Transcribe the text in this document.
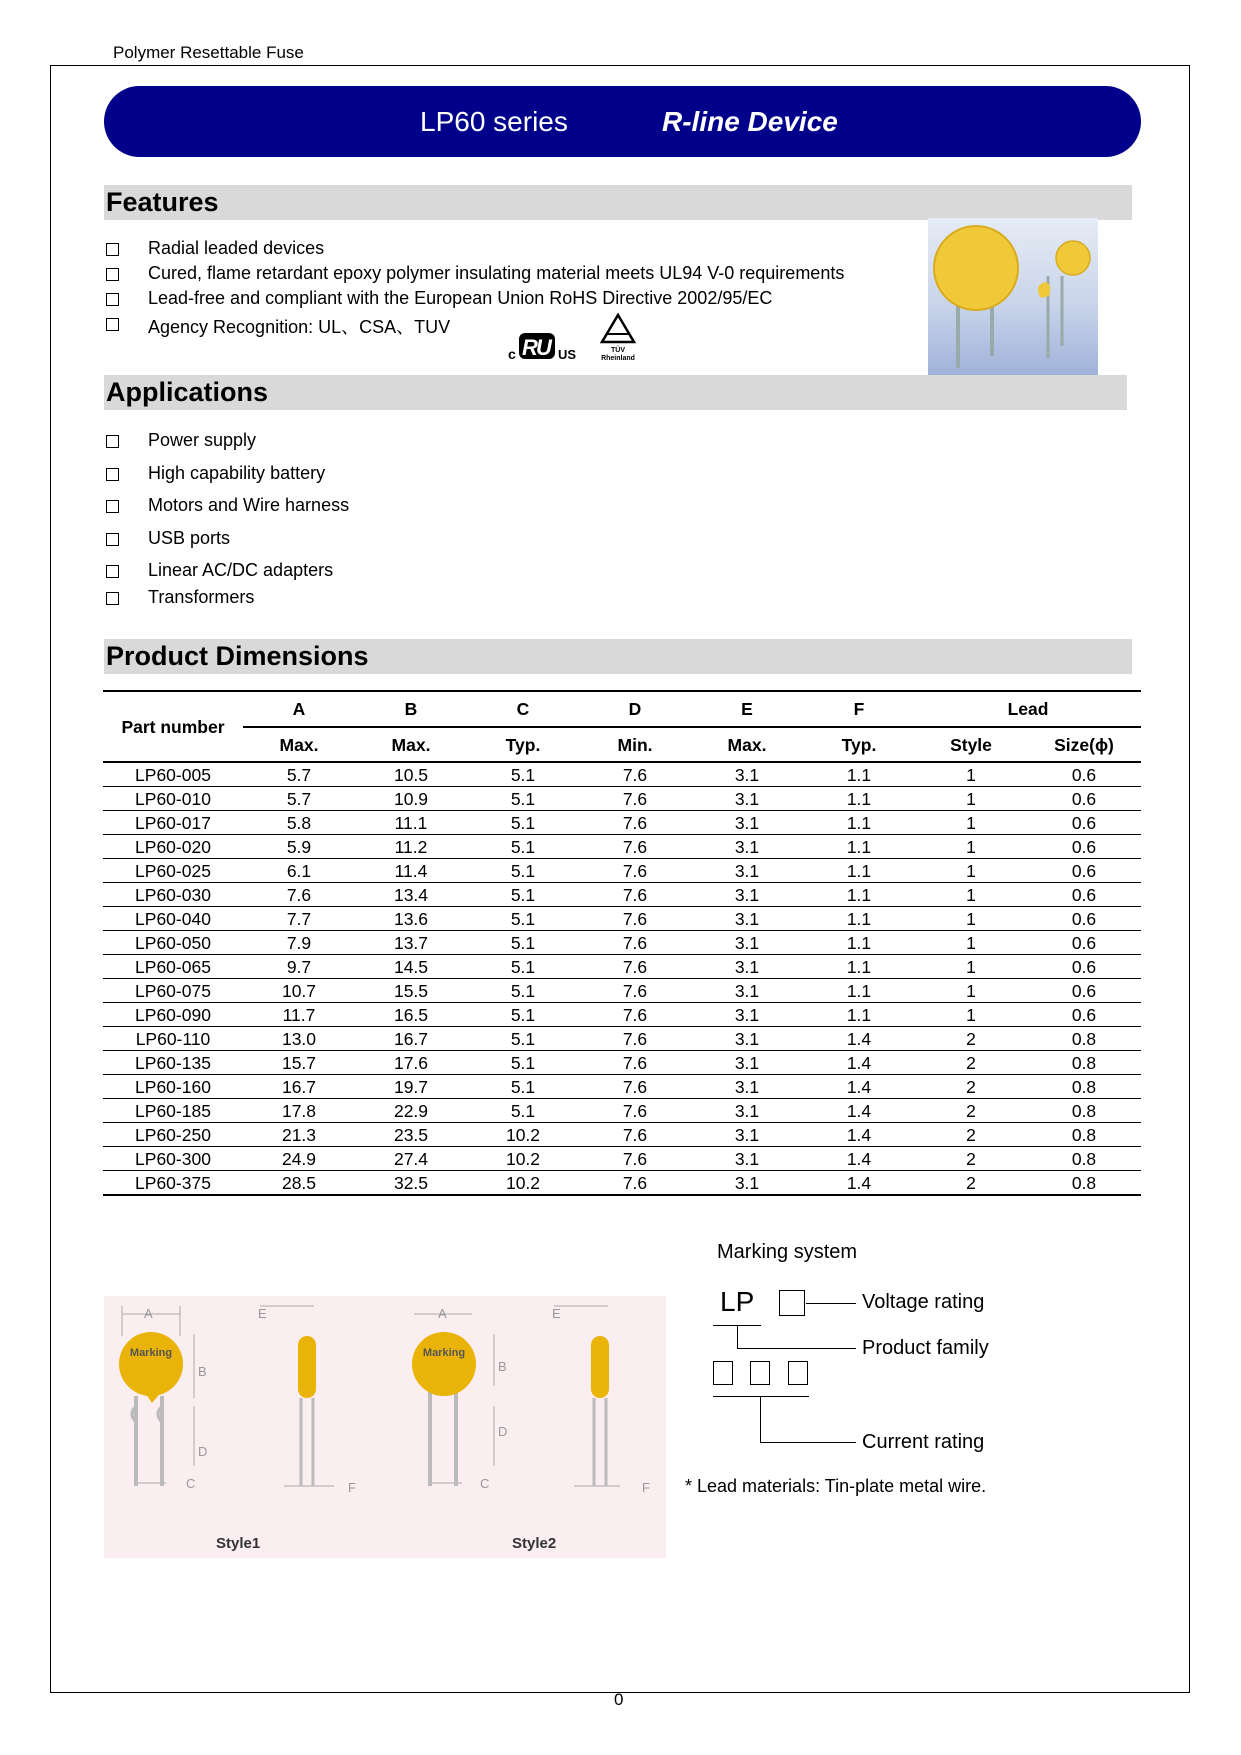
Polymer Resettable Fuse
LP60 series	R-line Device
Features
Radial leaded devices
Cured, flame retardant epoxy polymer insulating material meets UL94 V-0 requirements
Lead-free and compliant with the European Union RoHS Directive 2002/95/EC
Agency Recognition: UL、CSA、TUV
c R
U US	TÜV
Rheinland
Applications
Power supply
High capability battery
Motors and Wire harness
USB ports
Linear AC/DC adapters
Transformers
Product Dimensions
Part number	A	B	C	D	E	F	Lead	
	Max.	Max.	Typ.	Min.	Max.	Typ.	Style	Size(ϕ)
LP60-005	5.7	10.5	5.1	7.6	3.1	1.1	1	0.6
LP60-010	5.7	10.9	5.1	7.6	3.1	1.1	1	0.6
LP60-017	5.8	11.1	5.1	7.6	3.1	1.1	1	0.6
LP60-020	5.9	11.2	5.1	7.6	3.1	1.1	1	0.6
LP60-025	6.1	11.4	5.1	7.6	3.1	1.1	1	0.6
LP60-030	7.6	13.4	5.1	7.6	3.1	1.1	1	0.6
LP60-040	7.7	13.6	5.1	7.6	3.1	1.1	1	0.6
LP60-050	7.9	13.7	5.1	7.6	3.1	1.1	1	0.6
LP60-065	9.7	14.5	5.1	7.6	3.1	1.1	1	0.6
LP60-075	10.7	15.5	5.1	7.6	3.1	1.1	1	0.6
LP60-090	11.7	16.5	5.1	7.6	3.1	1.1	1	0.6
LP60-110	13.0	16.7	5.1	7.6	3.1	1.4	2	0.8
LP60-135	15.7	17.6	5.1	7.6	3.1	1.4	2	0.8
LP60-160	16.7	19.7	5.1	7.6	3.1	1.4	2	0.8
LP60-185	17.8	22.9	5.1	7.6	3.1	1.4	2	0.8
LP60-250	21.3	23.5	10.2	7.6	3.1	1.4	2	0.8
LP60-300	24.9	27.4	10.2	7.6	3.1	1.4	2	0.8
LP60-375	28.5	32.5	10.2	7.6	3.1	1.4	2	0.8
A
B
D
C
E
F
A
B
D
C
E
F
Marking	Marking
Style1	Style2
Marking system
LP	Voltage rating
Product family
Current rating
* Lead materials: Tin-plate metal wire.
0
